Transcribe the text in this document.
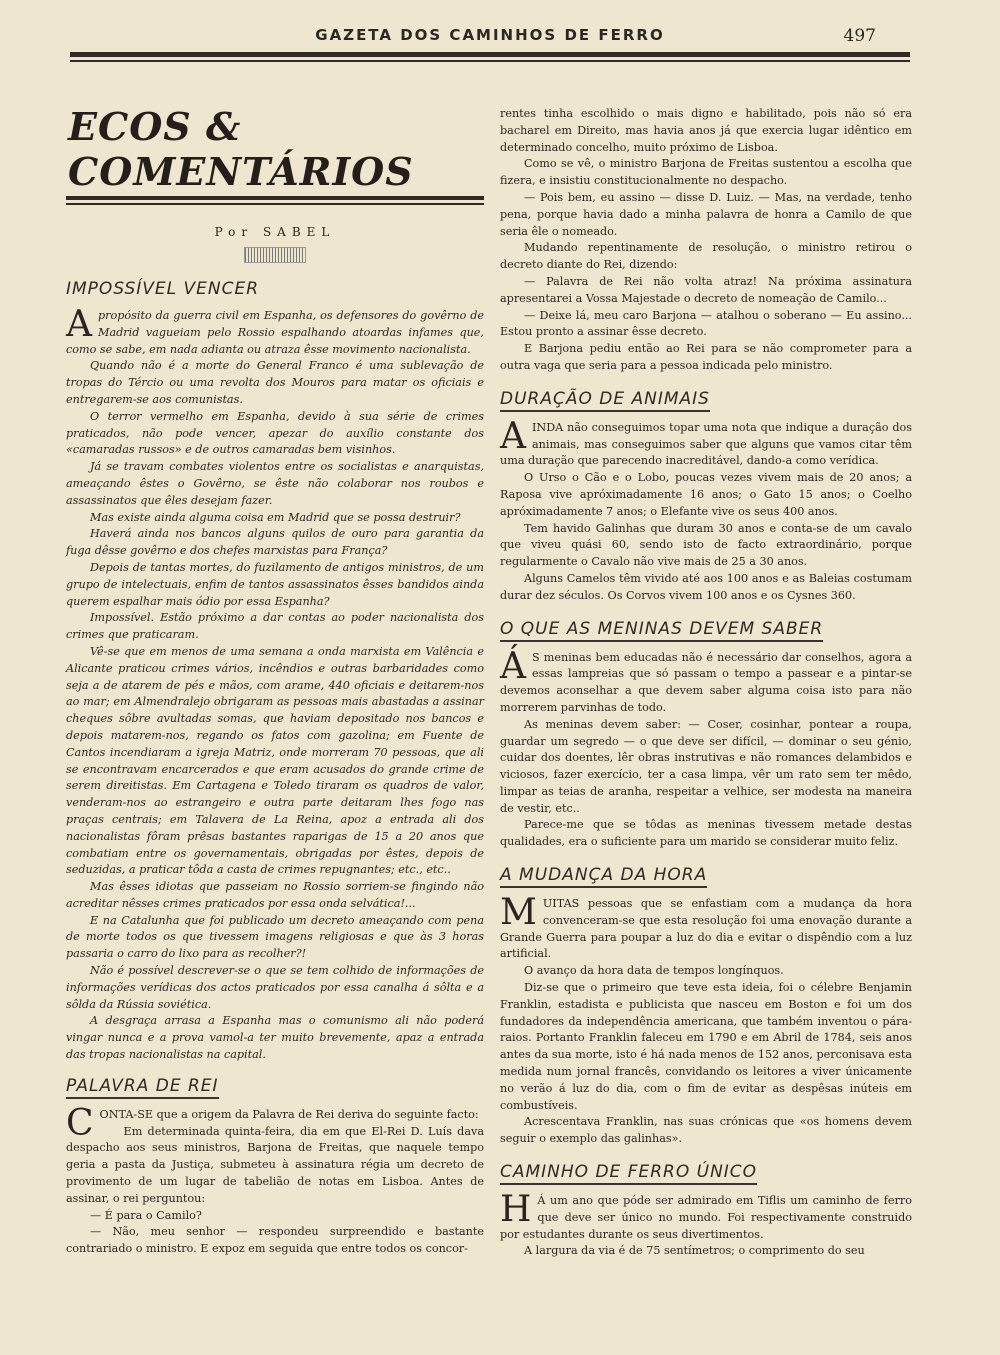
GAZETA DOS CAMINHOS DE FERRO	497
ECOS & COMENTÁRIOS
Por SABEL
IMPOSSÍVEL VENCER

Apropósito da guerra civil em Espanha, os defensores do govêrno de Madrid vagueiam pelo Rossio espalhando atoardas infames que, como se sabe, em nada adianta ou atraza êsse movimento nacionalista.

Quando não é a morte do General Franco é uma sublevação de tropas do Tércio ou uma revolta dos Mouros para matar os oficiais e entregarem-se aos comunistas.

O terror vermelho em Espanha, devido à sua série de crimes praticados, não pode vencer, apezar do auxílio constante dos «camaradas russos» e de outros camaradas bem visinhos.

Já se travam combates violentos entre os socialistas e anarquistas, ameaçando êstes o Govêrno, se êste não colaborar nos roubos e assassinatos que êles desejam fazer.

Mas existe ainda alguma coisa em Madrid que se possa destruir?

Haverá ainda nos bancos alguns quilos de ouro para garantia da fuga dêsse govêrno e dos chefes marxistas para França?

Depois de tantas mortes, do fuzilamento de antigos ministros, de um grupo de intelectuais, enfim de tantos assassinatos êsses bandidos ainda querem espalhar mais ódio por essa Espanha?

Impossível. Estão próximo a dar contas ao poder nacionalista dos crimes que praticaram.

Vê-se que em menos de uma semana a onda marxista em Valência e Alicante praticou crimes vários, incêndios e outras barbaridades como seja a de atarem de pés e mãos, com arame, 440 oficiais e deitarem-nos ao mar; em Almendralejo obrigaram as pessoas mais abastadas a assinar cheques sôbre avultadas somas, que haviam depositado nos bancos e depois matarem-nos, regando os fatos com gazolina; em Fuente de Cantos incendiaram a igreja Matriz, onde morreram 70 pessoas, que ali se encontravam encarcerados e que eram acusados do grande crime de serem direitistas. Em Cartagena e Toledo tiraram os quadros de valor, venderam-nos ao estrangeiro e outra parte deitaram lhes fogo nas praças centrais; em Talavera de La Reina, apoz a entrada ali dos nacionalistas fôram prêsas bastantes raparigas de 15 a 20 anos que combatiam entre os governamentais, obrigadas por êstes, depois de seduzidas, a praticar tôda a casta de crimes repugnantes; etc., etc..

Mas êsses idiotas que passeiam no Rossio sorriem-se fingindo não acreditar nêsses crimes praticados por essa onda selvática!...

E na Catalunha que foi publicado um decreto ameaçando com pena de morte todos os que tivessem imagens religiosas e que às 3 horas passaria o carro do lixo para as recolher?!

Não é possível descrever-se o que se tem colhido de informações de informações verídicas dos actos praticados por essa canalha á sôlta e a sôlda da Rússia soviética.

A desgraça arrasa a Espanha mas o comunismo ali não poderá vingar nunca e a prova vamol-a ter muito brevemente, apaz a entrada das tropas nacionalistas na capital.

PALAVRA DE REI

CONTA-SE que a origem da Palavra de Rei deriva do seguinte facto:

Em determinada quinta-feira, dia em que El-Rei D. Luís dava despacho aos seus ministros, Barjona de Freitas, que naquele tempo geria a pasta da Justiça, submeteu à assinatura régia um decreto de provimento de um lugar de tabelião de notas em Lisboa. Antes de assinar, o rei perguntou:

— É para o Camilo?

— Não, meu senhor — respondeu surpreendido e bastante contrariado o ministro. E expoz em seguida que entre todos os concor-

rentes tinha escolhido o mais digno e habilitado, pois não só era bacharel em Direito, mas havia anos já que exercia lugar idêntico em determinado concelho, muito próximo de Lisboa.

Como se vê, o ministro Barjona de Freitas sustentou a escolha que fizera, e insistiu constitucionalmente no despacho.

— Pois bem, eu assino — disse D. Luiz. — Mas, na verdade, tenho pena, porque havia dado a minha palavra de honra a Camilo de que seria êle o nomeado.

Mudando repentinamente de resolução, o ministro retirou o decreto diante do Rei, dizendo:

— Palavra de Rei não volta atraz! Na próxima assinatura apresentarei a Vossa Majestade o decreto de nomeação de Camilo...

— Deixe lá, meu caro Barjona — atalhou o soberano — Eu assino... Estou pronto a assinar êsse decreto.

E Barjona pediu então ao Rei para se não comprometer para a outra vaga que seria para a pessoa indicada pelo ministro.

DURAÇÃO DE ANIMAIS

AINDA não conseguimos topar uma nota que indique a duração dos animais, mas conseguimos saber que alguns que vamos citar têm uma duração que parecendo inacreditável, dando-a como verídica.

O Urso o Cão e o Lobo, poucas vezes vivem mais de 20 anos; a Raposa vive apróximadamente 16 anos; o Gato 15 anos; o Coelho apróximadamente 7 anos; o Elefante vive os seus 400 anos.

Tem havido Galinhas que duram 30 anos e conta-se de um cavalo que viveu quási 60, sendo isto de facto extraordinário, porque regularmente o Cavalo não vive mais de 25 a 30 anos.

Alguns Camelos têm vivido até aos 100 anos e as Baleias costumam durar dez séculos. Os Corvos vivem 100 anos e os Cysnes 360.

O QUE AS MENINAS DEVEM SABER

Á S meninas bem educadas não é necessário dar conselhos, agora a essas lampreias que só passam o tempo a passear e a pintar-se devemos aconselhar a que devem saber alguma coisa isto para não morrerem parvinhas de todo.

As meninas devem saber: — Coser, cosinhar, pontear a roupa, guardar um segredo — o que deve ser difícil, — dominar o seu génio, cuidar dos doentes, lêr obras instrutivas e não romances delambidos e viciosos, fazer exercício, ter a casa limpa, vêr um rato sem ter mêdo, limpar as teias de aranha, respeitar a velhice, ser modesta na maneira de vestir, etc..

Parece-me que se tôdas as meninas tivessem metade destas qualidades, era o suficiente para um marido se considerar muito feliz.

A MUDANÇA DA HORA

MUITAS pessoas que se enfastiam com a mudança da hora convenceram-se que esta resolução foi uma enovação durante a Grande Guerra para poupar a luz do dia e evitar o dispêndio com a luz artificial.

O avanço da hora data de tempos longínquos.

Diz-se que o primeiro que teve esta ideia, foi o célebre Benjamin Franklin, estadista e publicista que nasceu em Boston e foi um dos fundadores da independência americana, que também inventou o pára-raios. Portanto Franklin faleceu em 1790 e em Abril de 1784, seis anos antes da sua morte, isto é há nada menos de 152 anos, perconisava esta medida num jornal francês, convidando os leitores a viver únicamente no verão á luz do dia, com o fim de evitar as despêsas inúteis em combustíveis.

Acrescentava Franklin, nas suas crónicas que «os homens devem seguir o exemplo das galinhas».

CAMINHO DE FERRO ÚNICO

H Á um ano que póde ser admirado em Tiflis um caminho de ferro que deve ser único no mundo. Foi respectivamente construido por estudantes durante os seus divertimentos.

A largura da via é de 75 sentímetros; o comprimento do seu
